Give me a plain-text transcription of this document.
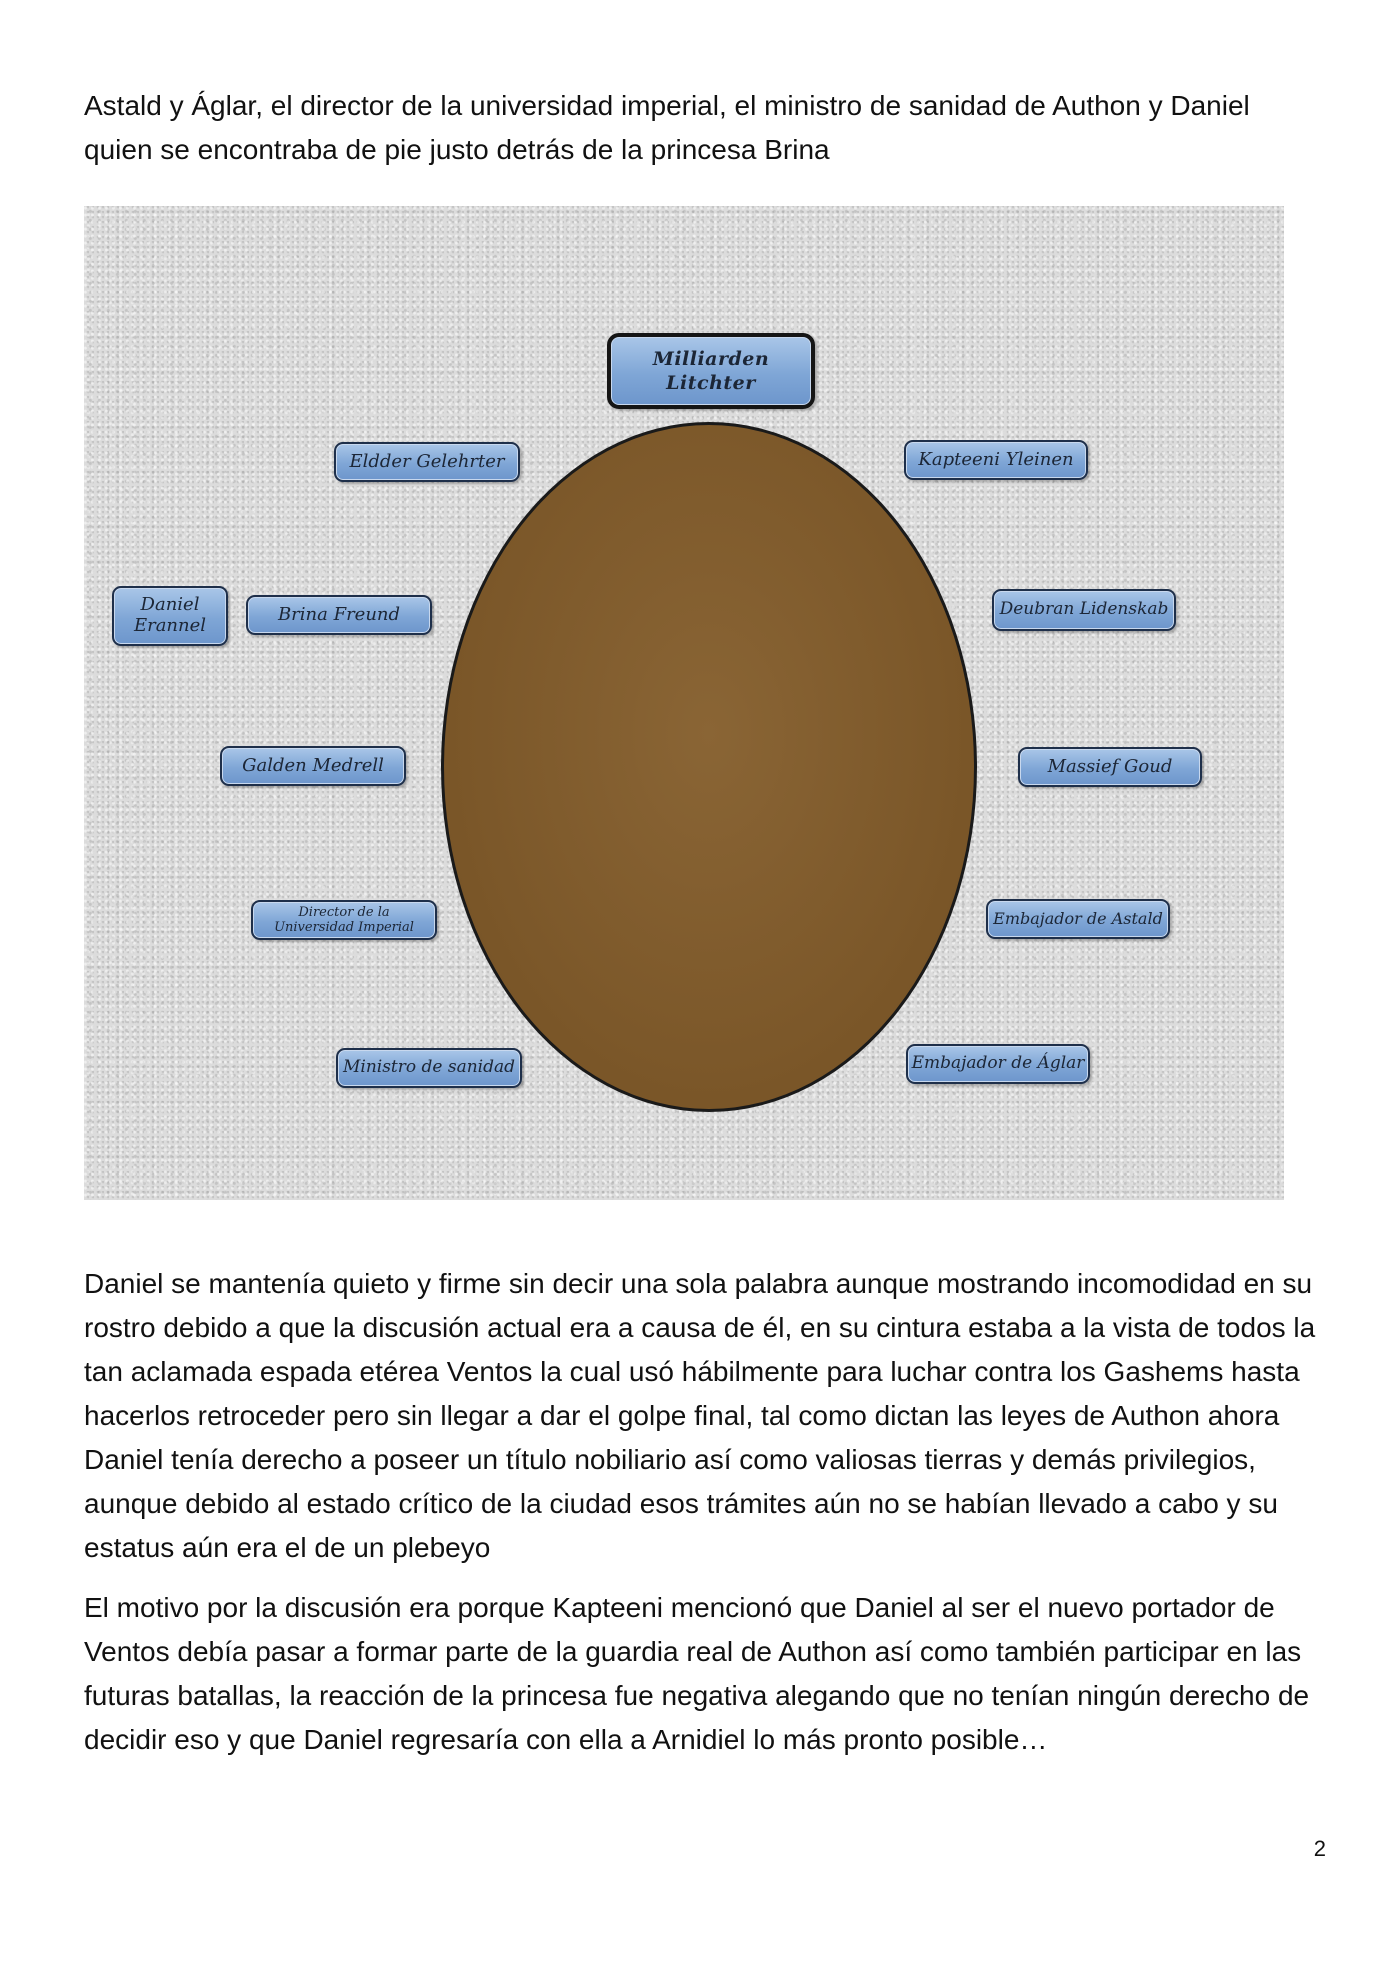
Astald y Áglar, el director de la universidad imperial, el ministro de sanidad de Authon y Daniel quien se encontraba de pie justo detrás de la princesa Brina

Milliarden
Litchter
Eldder Gelehrter
Brina Freund
Galden Medrell
Director de la
Universidad Imperial
Ministro de sanidad
Daniel
Erannel
Kapteeni Yleinen
Deubran Lidenskab
Massief Goud
Embajador de Astald
Embajador de Áglar

Daniel se mantenía quieto y firme sin decir una sola palabra aunque mostrando incomodidad en su rostro debido a que la discusión actual era a causa de él, en su cintura estaba a la vista de todos la tan aclamada espada etérea Ventos la cual usó hábilmente para luchar contra los Gashems hasta hacerlos retroceder pero sin llegar a dar el golpe final, tal como dictan las leyes de Authon ahora Daniel tenía derecho a poseer un título nobiliario así como valiosas tierras y demás privilegios, aunque debido al estado crítico de la ciudad esos trámites aún no se habían llevado a cabo y su estatus aún era el de un plebeyo

El motivo por la discusión era porque Kapteeni mencionó que Daniel al ser el nuevo portador de Ventos debía pasar a formar parte de la guardia real de Authon así como también participar en las futuras batallas, la reacción de la princesa fue negativa alegando que no tenían ningún derecho de decidir eso y que Daniel regresaría con ella a Arnidiel lo más pronto posible…

2
